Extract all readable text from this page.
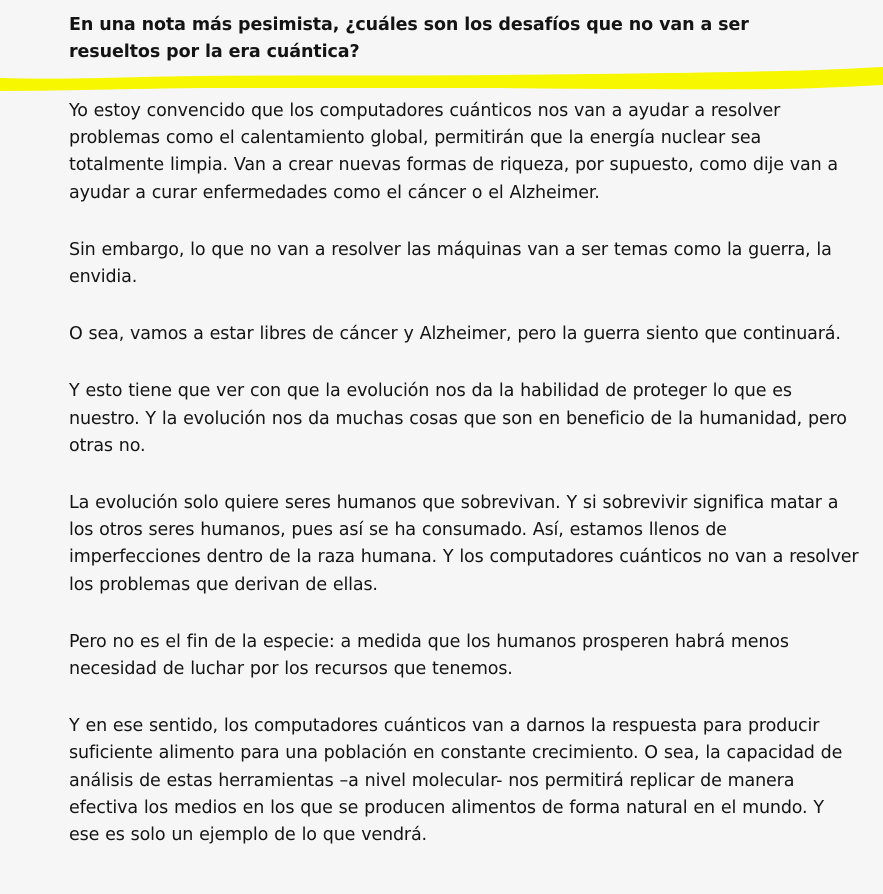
En una nota más pesimista, ¿cuáles son los desafíos que no van a ser resueltos por la era cuántica?

Yo estoy convencido que los computadores cuánticos nos van a ayudar a resolver problemas como el calentamiento global, permitirán que la energía nuclear sea totalmente limpia. Van a crear nuevas formas de riqueza, por supuesto, como dije van a ayudar a curar enfermedades como el cáncer o el Alzheimer.

Sin embargo, lo que no van a resolver las máquinas van a ser temas como la guerra, la envidia.

O sea, vamos a estar libres de cáncer y Alzheimer, pero la guerra siento que continuará.

Y esto tiene que ver con que la evolución nos da la habilidad de proteger lo que es nuestro. Y la evolución nos da muchas cosas que son en beneficio de la humanidad, pero otras no.

La evolución solo quiere seres humanos que sobrevivan. Y si sobrevivir significa matar a los otros seres humanos, pues así se ha consumado. Así, estamos llenos de imperfecciones dentro de la raza humana. Y los computadores cuánticos no van a resolver los problemas que derivan de ellas.

Pero no es el fin de la especie: a medida que los humanos prosperen habrá menos necesidad de luchar por los recursos que tenemos.

Y en ese sentido, los computadores cuánticos van a darnos la respuesta para producir suficiente alimento para una población en constante crecimiento. O sea, la capacidad de análisis de estas herramientas –a nivel molecular- nos permitirá replicar de manera efectiva los medios en los que se producen alimentos de forma natural en el mundo. Y ese es solo un ejemplo de lo que vendrá.
